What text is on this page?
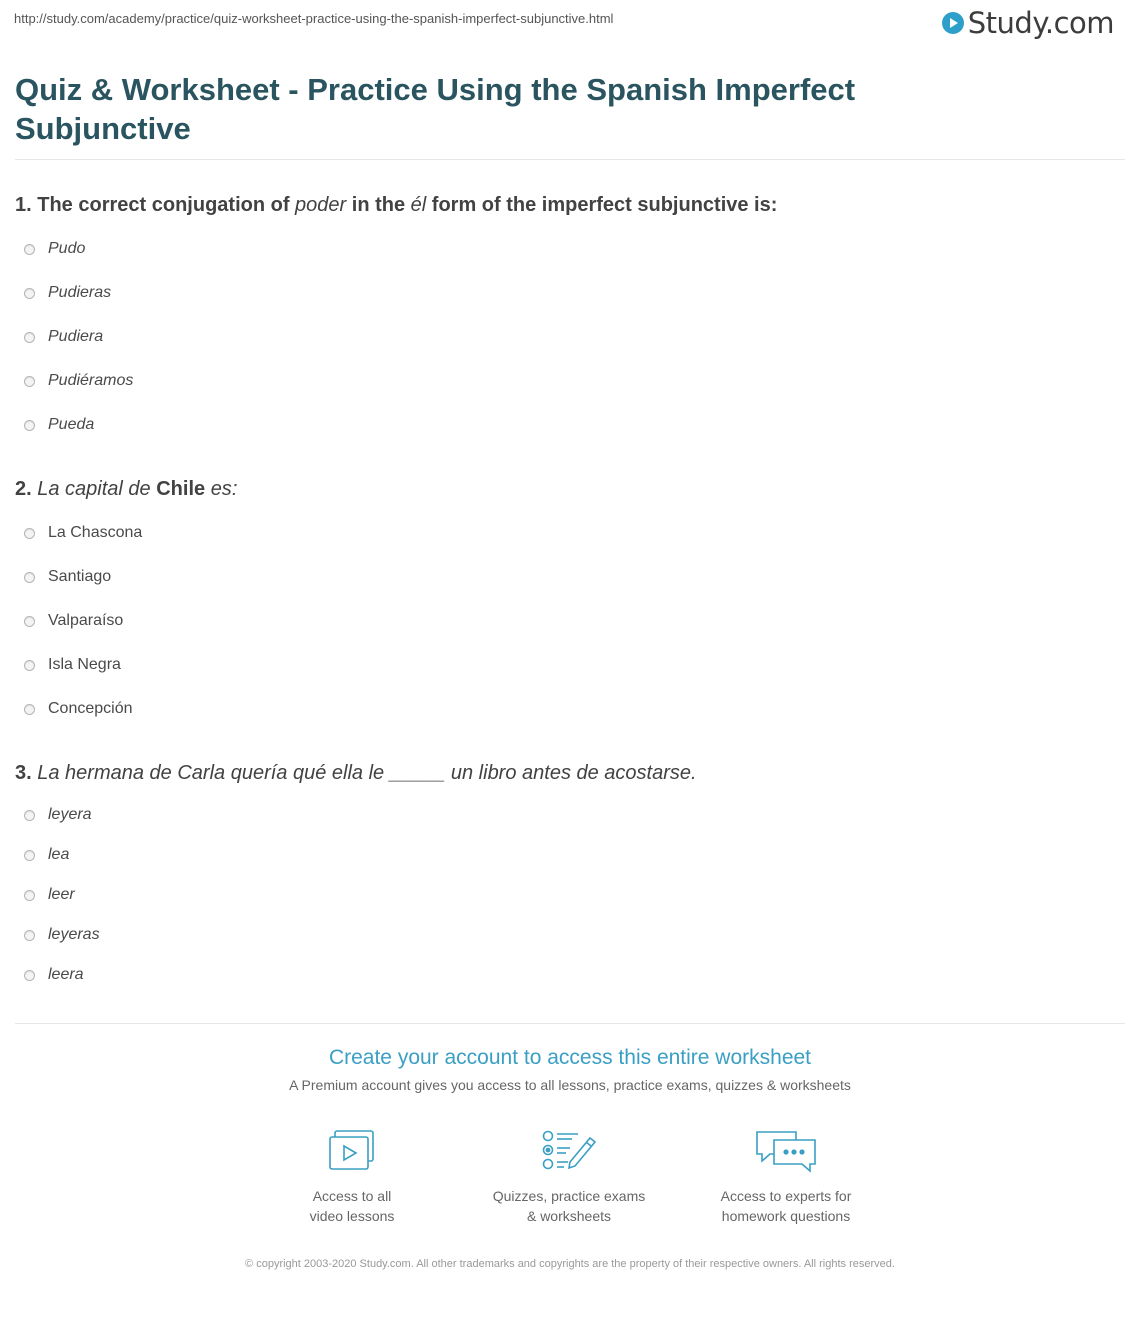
http://study.com/academy/practice/quiz-worksheet-practice-using-the-spanish-imperfect-subjunctive.html	Study.com
Quiz & Worksheet - Practice Using the Spanish Imperfect Subjunctive
1. The correct conjugation of poder in the él form of the imperfect subjunctive is:
Pudo
Pudieras
Pudiera
Pudiéramos
Pueda
2. La capital de Chile es:
La Chascona
Santiago
Valparaíso
Isla Negra
Concepción
3. La hermana de Carla quería qué ella le _____ un libro antes de acostarse.
leyera
lea
leer
leyeras
leera
Create your account to access this entire worksheet
A Premium account gives you access to all lessons, practice exams, quizzes & worksheets
Access to all
video lessons
Quizzes, practice exams
& worksheets
Access to experts for
homework questions
© copyright 2003-2020 Study.com. All other trademarks and copyrights are the property of their respective owners. All rights reserved.
